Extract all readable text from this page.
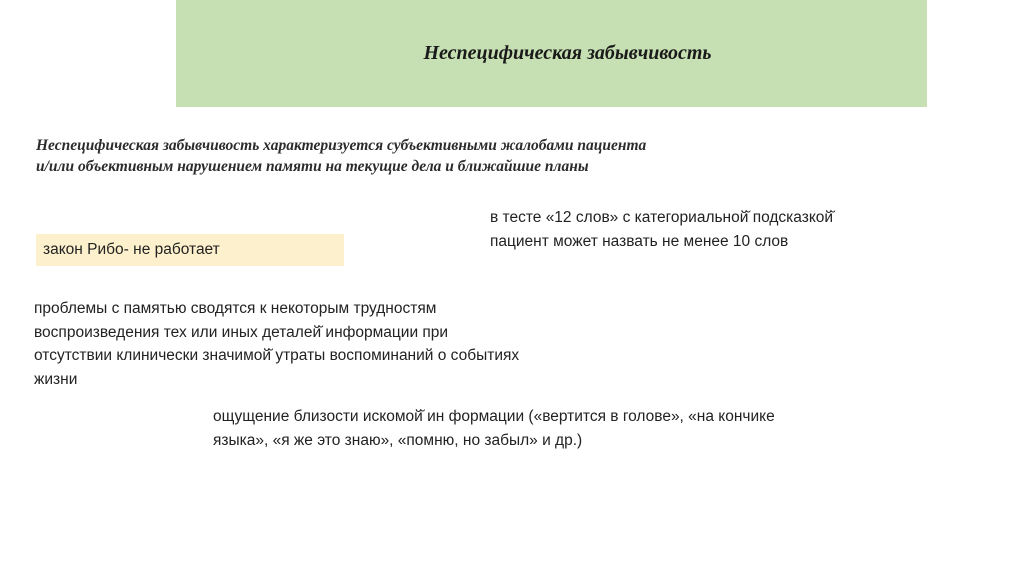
Неспецифическая забывчивость
Неспецифическая забывчивость характеризуется субъективными жалобами пациента
и/или объективным нарушением памяти на текущие дела и ближайшие планы
в тесте «12 слов» с категориальной̆ подсказкой̆
пациент может назвать не менее 10 слов
закон Рибо- не работает
проблемы с памятью сводятся к некоторым трудностям
воспроизведения тех или иных деталей̆ информации при
отсутствии клинически значимой̆ утраты воспоминаний о событиях
жизни
ощущение близости искомой̆ ин формации («вертится в голове», «на кончике
языка», «я же это знаю», «помню, но забыл» и др.)
